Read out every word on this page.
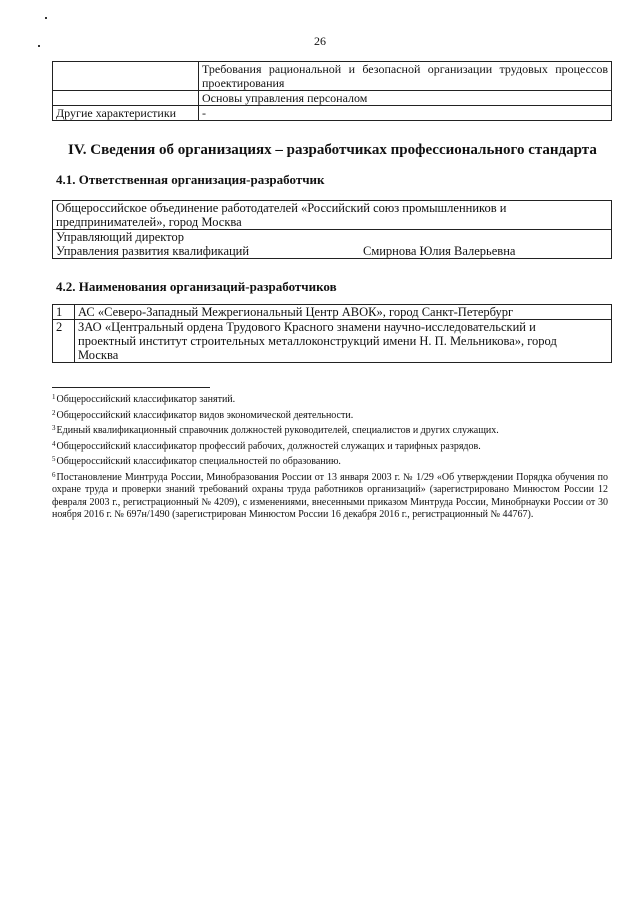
26

	Требования рациональной и безопасной организации трудовых процессов проектирования

	Основы управления персоналом
Другие характеристики	-
IV. Сведения об организациях – разработчиках профессионального стандарта
4.1. Ответственная организация-разработчик
Общероссийское объединение работодателей «Российский союз промышленников и предпринимателей», город Москва

Управляющий директор
Управления развития квалификаций	Смирнова Юлия Валерьевна
4.2. Наименования организаций-разработчиков
1	АС «Северо-Западный Межрегиональный Центр АВОК», город Санкт-Петербург
2	ЗАО «Центральный ордена Трудового Красного знамени научно-исследовательский и проектный институт строительных металлоконструкций имени Н. П. Мельникова», город Москва

$^1$Общероссийский классификатор занятий.

$^2$Общероссийский классификатор видов экономической деятельности.

$^3$Единый квалификационный справочник должностей руководителей, специалистов и других служащих.

$^4$Общероссийский классификатор профессий рабочих, должностей служащих и тарифных разрядов.

$^5$Общероссийский классификатор специальностей по образованию.

$^6$Постановление Минтруда России, Минобразования России от 13 января 2003 г. № 1/29 «Об утверждении Порядка обучения по охране труда и проверки знаний требований охраны труда работников организаций» (зарегистрировано Минюстом России 12 февраля 2003 г., регистрационный № 4209), с изменениями, внесенными приказом Минтруда России, Минобрнауки России от 30 ноября 2016 г. № 697н/1490 (зарегистрирован Минюстом России 16 декабря 2016 г., регистрационный № 44767).
